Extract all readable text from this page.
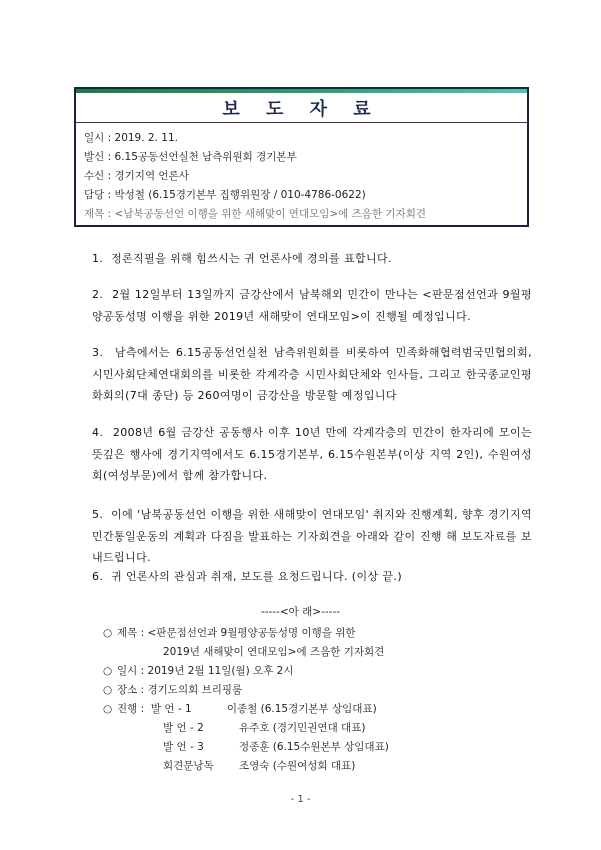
보 도 자 료
일시 : 2019. 2. 11.
발신 : 6.15공동선언실천 남측위원회 경기본부
수신 : 경기지역 언론사
담당 : 박성철 (6.15경기본부 집행위원장 / 010-4786-0622)
제목 : <남북공동선언 이행을 위한 새해맞이 연대모임>에 즈음한 기자회견
1. 정론직필을 위해 힘쓰시는 귀 언론사에 경의를 표합니다.
2. 2월 12일부터 13일까지 금강산에서 남북해외 민간이 만나는 <판문점선언과 9월평양공동성명 이행을 위한 2019년 새해맞이 연대모임>이 진행될 예정입니다.
3. 남측에서는 6.15공동선언실천 남측위원회를 비롯하여 민족화해협력범국민협의회, 시민사회단체연대회의를 비롯한 각계각층 시민사회단체와 인사들, 그리고 한국종교인평화회의(7대 종단) 등 260여명이 금강산을 방문할 예정입니다
4. 2008년 6월 금강산 공동행사 이후 10년 만에 각계각층의 민간이 한자리에 모이는 뜻깊은 행사에 경기지역에서도 6.15경기본부, 6.15수원본부(이상 지역 2인), 수원여성회(여성부문)에서 함께 참가합니다.
5. 이에 '남북공동선언 이행을 위한 새해맞이 연대모임' 취지와 진행계획, 향후 경기지역 민간통일운동의 계획과 다짐을 발표하는 기자회견을 아래와 같이 진행 해 보도자료를 보내드립니다.
6. 귀 언론사의 관심과 취재, 보도를 요청드립니다. (이상 끝.)
-----<아 래>-----
○ 제목 :
<판문점선언과 9월평양공동성명 이행을 위한
2019년 새해맞이 연대모임>에 즈음한 기자회견
○ 일시 :
2019년 2월 11일(월) 오후 2시
○ 장소 :
경기도의회 브리핑룸
○ 진행 :
발 언 - 1	이종철 (6.15경기본부 상임대표)
발 언 - 2	유주호 (경기민권연대 대표)
발 언 - 3	정종훈 (6.15수원본부 상임대표)
회견문낭독	조영숙 (수원여성회 대표)
- 1 -
